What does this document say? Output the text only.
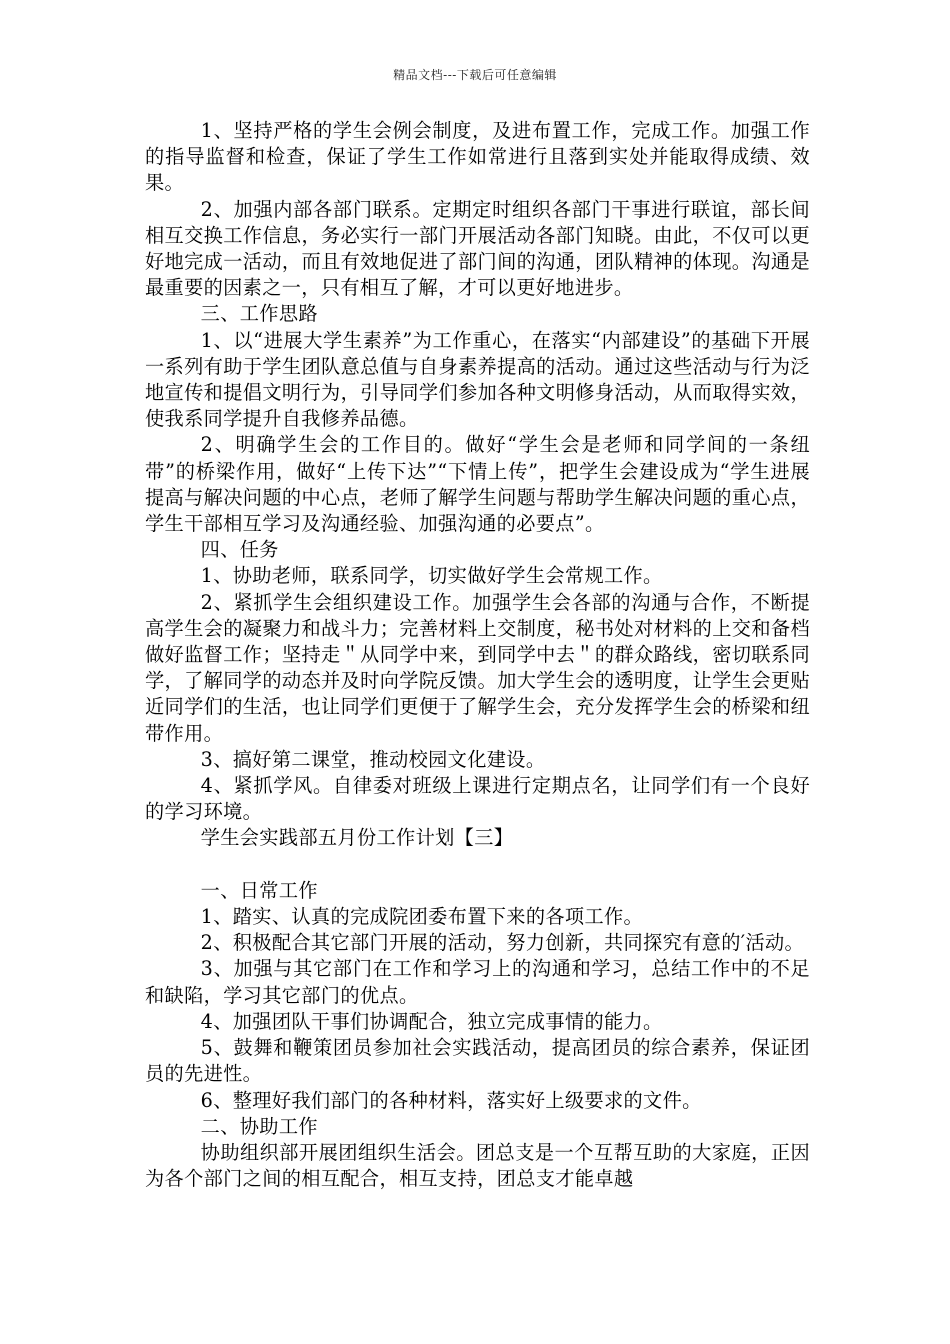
精品文档---下载后可任意编辑

1、坚持严格的学生会例会制度，及进布置工作，完成工作。加强工作的指导监督和检查，保证了学生工作如常进行且落到实处并能取得成绩、效果。

2、加强内部各部门联系。定期定时组织各部门干事进行联谊，部长间相互交换工作信息，务必实行一部门开展活动各部门知晓。由此，不仅可以更好地完成一活动，而且有效地促进了部门间的沟通，团队精神的体现。沟通是最重要的因素之一，只有相互了解，才可以更好地进步。

三、工作思路

1、以“进展大学生素养”为工作重心，在落实“内部建设”的基础下开展一系列有助于学生团队意总值与自身素养提高的活动。通过这些活动与行为泛地宣传和提倡文明行为，引导同学们参加各种文明修身活动，从而取得实效，使我系同学提升自我修养品德。

2、明确学生会的工作目的。做好“学生会是老师和同学间的一条纽带”的桥梁作用，做好“上传下达”“下情上传”，把学生会建设成为“学生进展提高与解决问题的中心点，老师了解学生问题与帮助学生解决问题的重心点，学生干部相互学习及沟通经验、加强沟通的必要点”。

四、任务

1、协助老师，联系同学，切实做好学生会常规工作。

2、紧抓学生会组织建设工作。加强学生会各部的沟通与合作，不断提高学生会的凝聚力和战斗力；完善材料上交制度，秘书处对材料的上交和备档做好监督工作；坚持走＂从同学中来，到同学中去＂的群众路线，密切联系同学，了解同学的动态并及时向学院反馈。加大学生会的透明度，让学生会更贴近同学们的生活，也让同学们更便于了解学生会，充分发挥学生会的桥梁和纽带作用。

3、搞好第二课堂，推动校园文化建设。

4、紧抓学风。自律委对班级上课进行定期点名，让同学们有一个良好的学习环境。

学生会实践部五月份工作计划【三】

一、日常工作

1、踏实、认真的完成院团委布置下来的各项工作。

2、积极配合其它部门开展的活动，努力创新，共同探究有意的′活动。

3、加强与其它部门在工作和学习上的沟通和学习，总结工作中的不足和缺陷，学习其它部门的优点。

4、加强团队干事们协调配合，独立完成事情的能力。

5、鼓舞和鞭策团员参加社会实践活动，提高团员的综合素养，保证团员的先进性。

6、整理好我们部门的各种材料，落实好上级要求的文件。

二、协助工作

协助组织部开展团组织生活会。团总支是一个互帮互助的大家庭，正因为各个部门之间的相互配合，相互支持，团总支才能卓越
